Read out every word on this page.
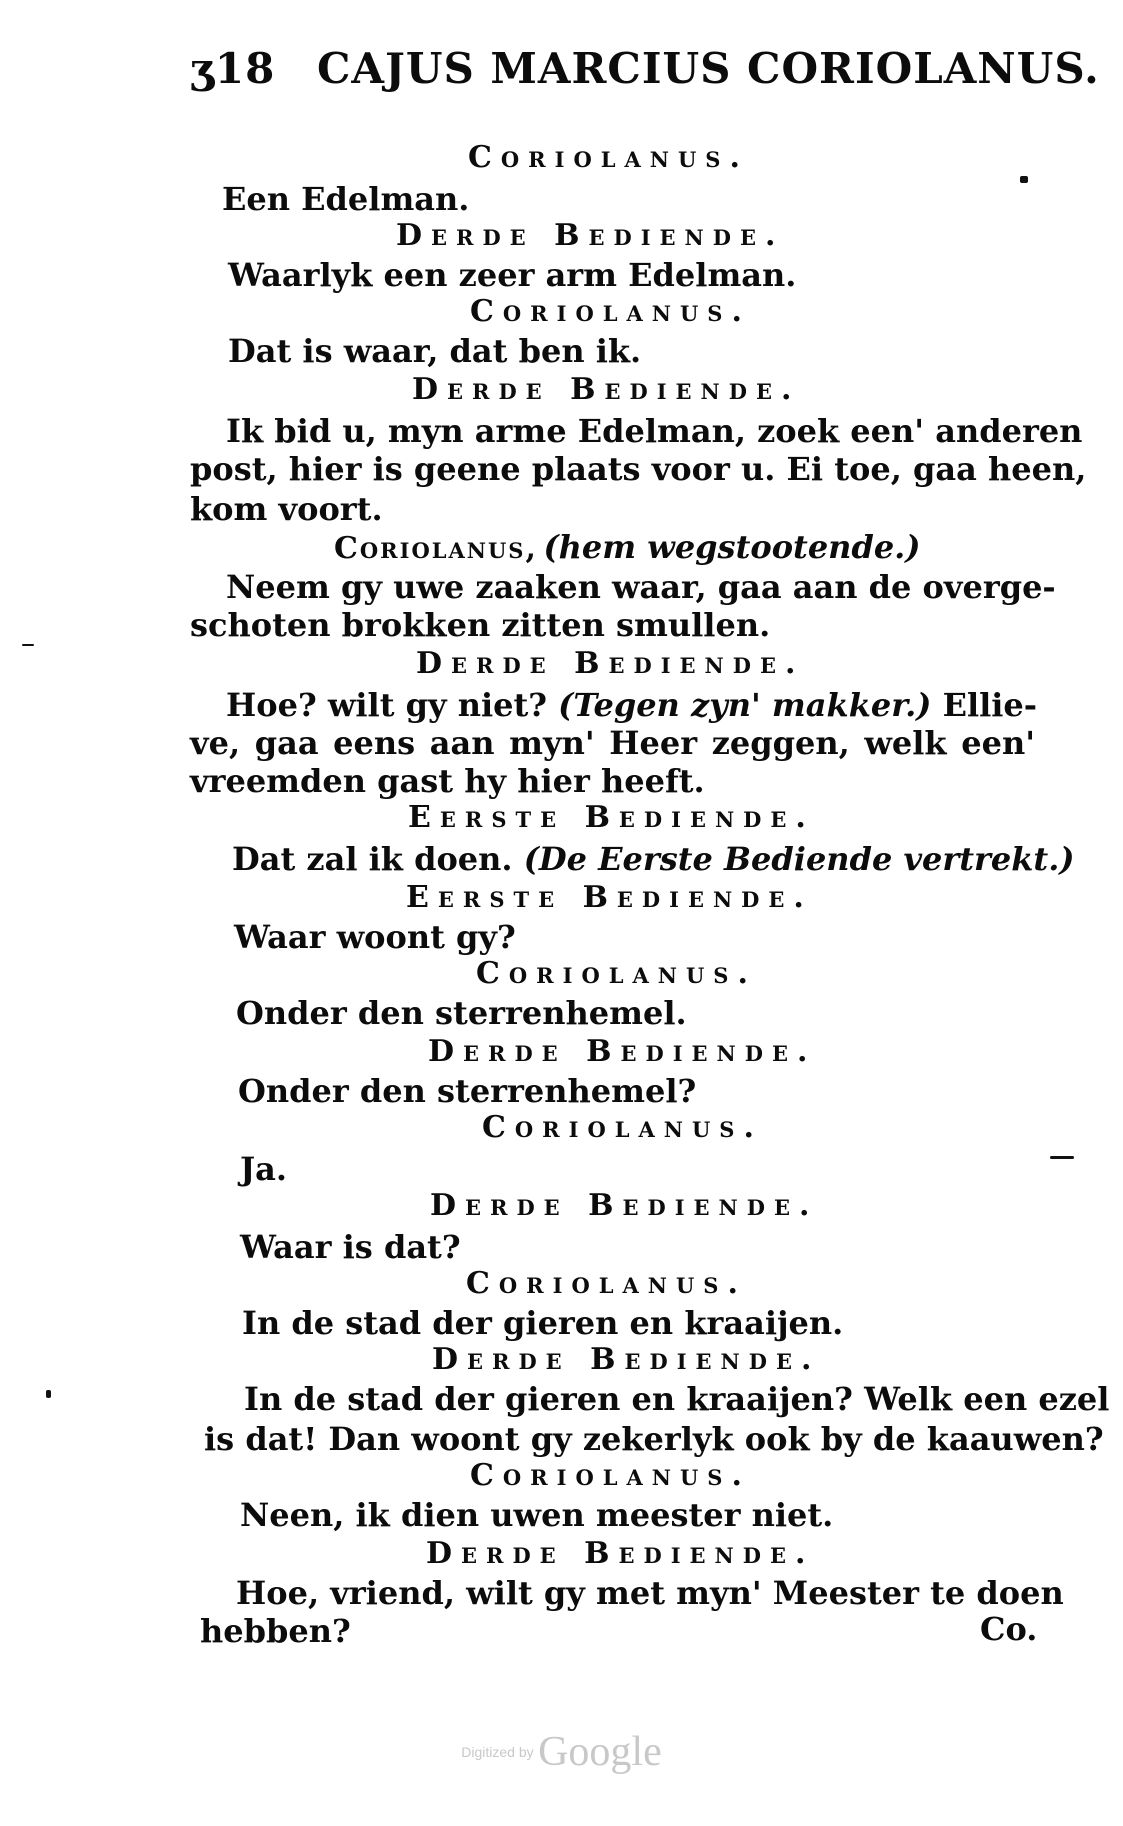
ʒ18 CAJUS MARCIUS CORIOLANUS.
Coriolanus.
Een Edelman.
Derde Bediende.
Waarlyk een zeer arm Edelman.
Coriolanus.
Dat is waar, dat ben ik.
Derde Bediende.
Ik bid u, myn arme Edelman, zoek een' anderen
post, hier is geene plaats voor u. Ei toe, gaa heen,
kom voort.
Coriolanus, (hem wegstootende.)
Neem gy uwe zaaken waar, gaa aan de overge-
schoten brokken zitten smullen.
Derde Bediende.
Hoe? wilt gy niet? (Tegen zyn' makker.) Ellie-
ve, gaa eens aan myn' Heer zeggen, welk een'
vreemden gast hy hier heeft.
Eerste Bediende.
Dat zal ik doen. (De Eerste Bediende vertrekt.)
Eerste Bediende.
Waar woont gy?
Coriolanus.
Onder den sterrenhemel.
Derde Bediende.
Onder den sterrenhemel?
Coriolanus.
Ja.
Derde Bediende.
Waar is dat?
Coriolanus.
In de stad der gieren en kraaijen.
Derde Bediende.
In de stad der gieren en kraaijen? Welk een ezel
is dat! Dan woont gy zekerlyk ook by de kaauwen?
Coriolanus.
Neen, ik dien uwen meester niet.
Derde Bediende.
Hoe, vriend, wilt gy met myn' Meester te doen
hebben?	Co.
Digitized by Google
